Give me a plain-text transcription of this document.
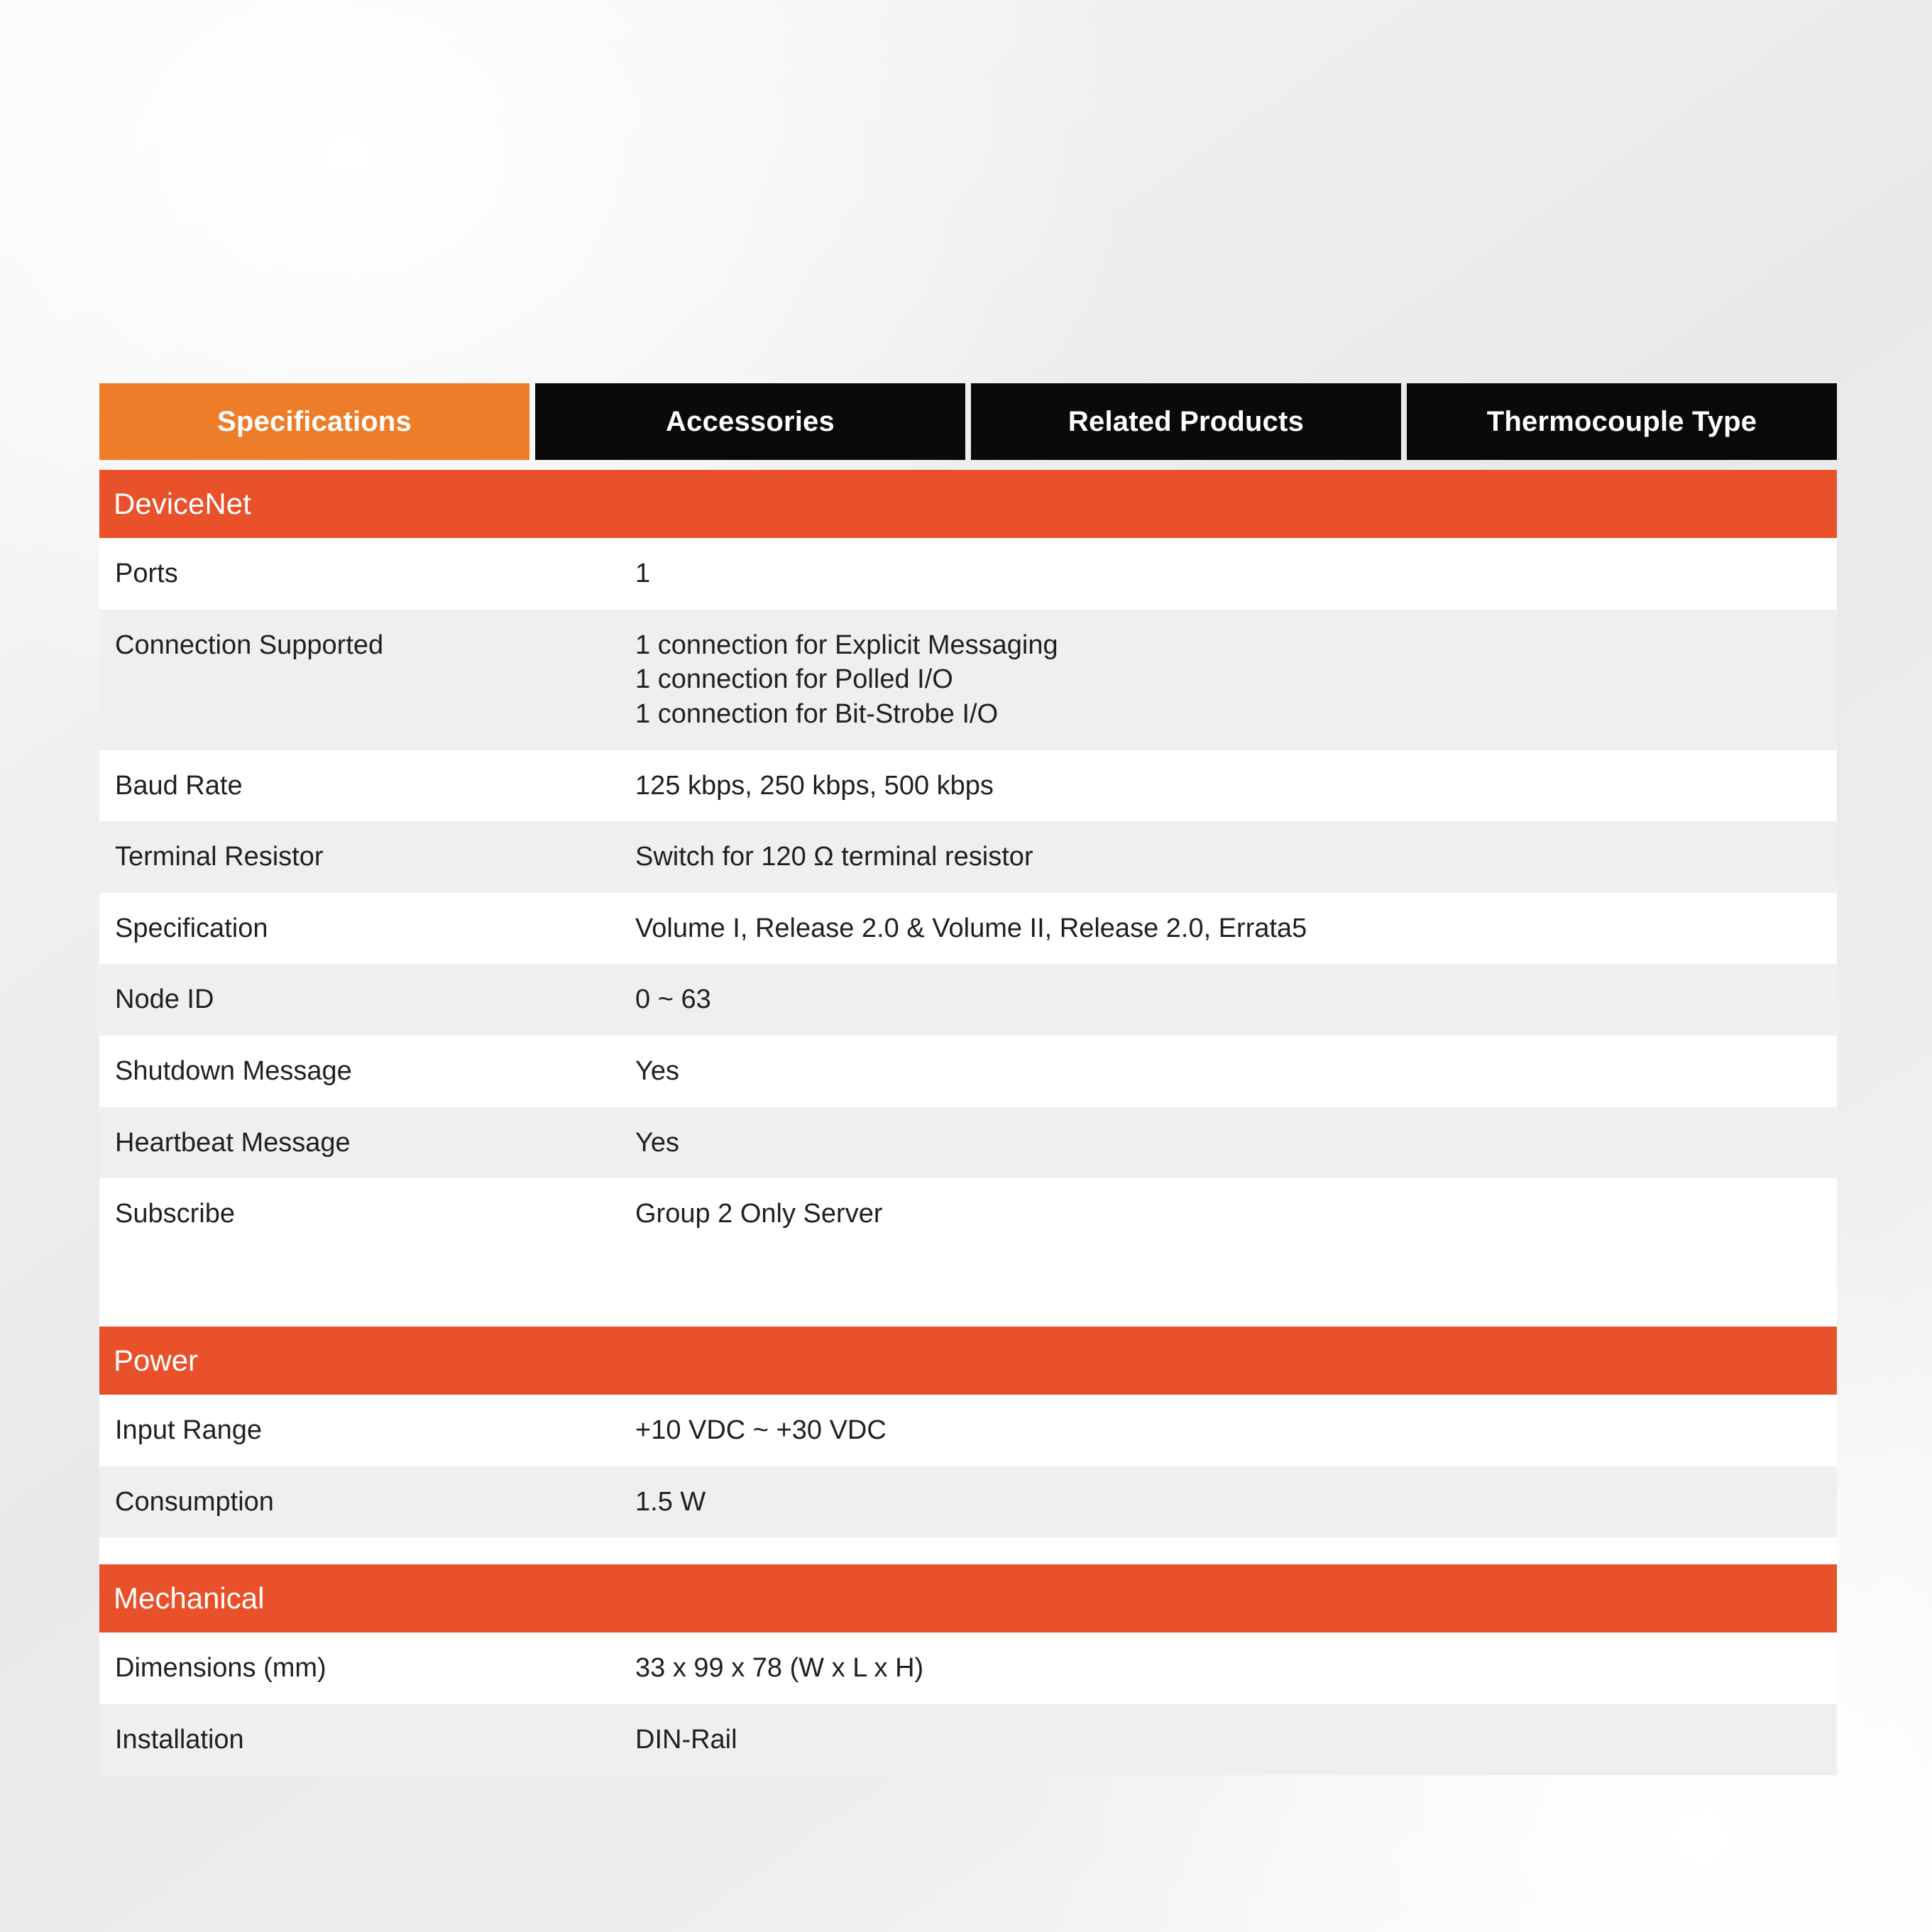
Specifications	Accessories	Related Products	Thermocouple Type
DeviceNet
Ports	1
Connection Supported	1 connection for Explicit Messaging
1 connection for Polled I/O
1 connection for Bit-Strobe I/O
Baud Rate	125 kbps, 250 kbps, 500 kbps
Terminal Resistor	Switch for 120 Ω terminal resistor
Specification	Volume I, Release 2.0 & Volume II, Release 2.0, Errata5
Node ID	0 ~ 63
Shutdown Message	Yes
Heartbeat Message	Yes
Subscribe	Group 2 Only Server
Power
Input Range	+10 VDC ~ +30 VDC
Consumption	1.5 W
Mechanical
Dimensions (mm)	33 x 99 x 78 (W x L x H)
Installation	DIN-Rail
